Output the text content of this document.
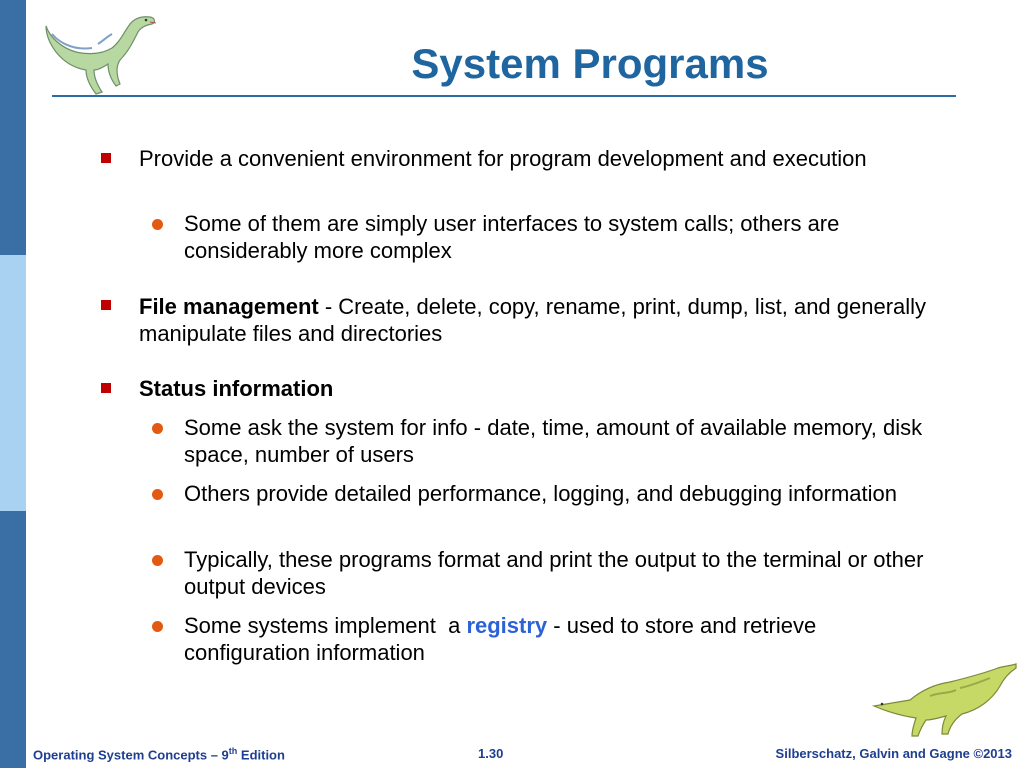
System Programs

Provide a convenient environment for program development and execution

Some of them are simply user interfaces to system calls; others are considerably more complex

File management - Create, delete, copy, rename, print, dump, list, and generally manipulate files and directories

Status information

Some ask the system for info - date, time, amount of available memory, disk space, number of users

Others provide detailed performance, logging, and debugging information

Typically, these programs format and print the output to the terminal or other output devices

Some systems implement  a registry - used to store and retrieve configuration information

Operating System Concepts – 9th Edition	1.30	Silberschatz, Galvin and Gagne ©2013
